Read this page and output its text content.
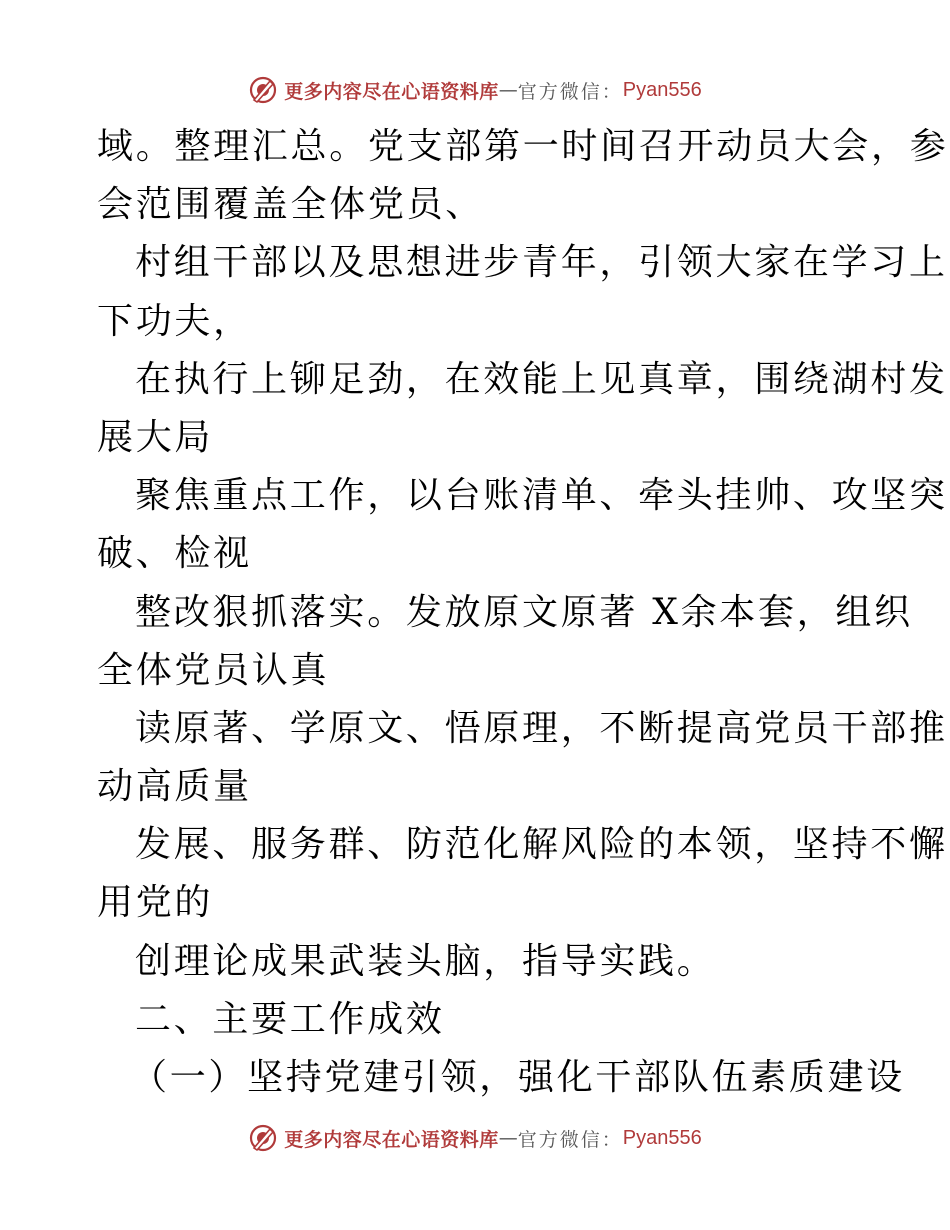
更多内容尽在心语资料库 — 官方微信： Pyan556
域。整理汇总。党支部第一时间召开动员大会，参
会范围覆盖全体党员、
村组干部以及思想进步青年，引领大家在学习上
下功夫，
在执行上铆足劲，在效能上见真章，围绕湖村发
展大局
聚焦重点工作，以台账清单、牵头挂帅、攻坚突
破、检视
整改狠抓落实。发放原文原著 X余本套，组织
全体党员认真
读原著、学原文、悟原理，不断提高党员干部推
动高质量
发展、服务群、防范化解风险的本领，坚持不懈
用党的
创理论成果武装头脑，指导实践。
二、主要工作成效
（一）坚持党建引领，强化干部队伍素质建设
更多内容尽在心语资料库 — 官方微信： Pyan556
